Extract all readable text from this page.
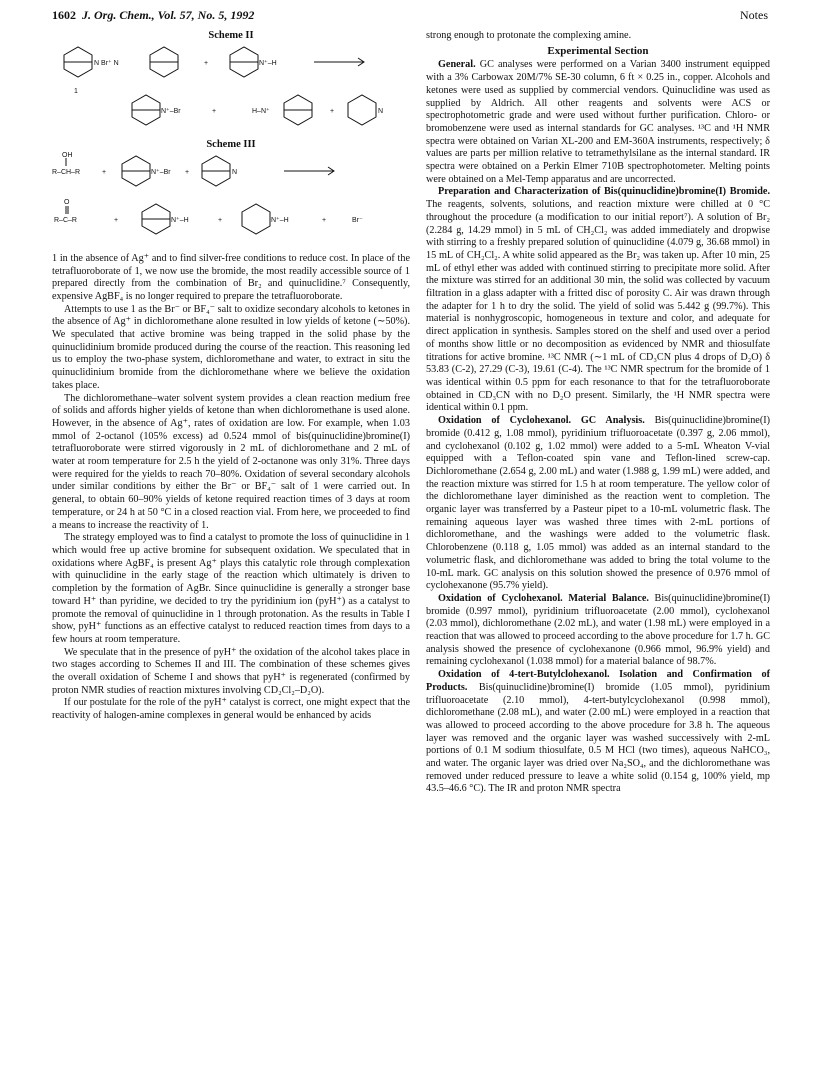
1602 J. Org. Chem., Vol. 57, No. 5, 1992	Notes
Scheme II
N Br⁺ N
1
+	N⁺–H
N⁺–Br	+	H–N⁺	+	N
Scheme III
OH
R–CH–R	+	N⁺–Br +	N
O
R–C–R	+	N⁺–H	+	N⁺–H	+	Br⁻

1 in the absence of Ag⁺ and to find silver-free conditions to reduce cost. In place of the tetrafluoroborate of 1, we now use the bromide, the most readily accessible source of 1 prepared directly from the combination of Br₂ and quinuclidine.⁷ Consequently, expensive AgBF₄ is no longer required to prepare the tetrafluoroborate.

Attempts to use 1 as the Br⁻ or BF₄⁻ salt to oxidize secondary alcohols to ketones in the absence of Ag⁺ in dichloromethane alone resulted in low yields of ketone (∼50%). We speculated that active bromine was being trapped in the solid phase by the quinuclidinium bromide produced during the course of the reaction. This reasoning led us to employ the two-phase system, dichloromethane and water, to extract in situ the quinuclidinium bromide from the dichloromethane where we believe the oxidation takes place.

The dichloromethane–water solvent system provides a clean reaction medium free of solids and affords higher yields of ketone than when dichloromethane is used alone. However, in the absence of Ag⁺, rates of oxidation are low. For example, when 1.03 mmol of 2-octanol (105% excess) ad 0.524 mmol of bis(quinuclidine)bromine(I) tetrafluoroborate were stirred vigorously in 2 mL of dichloromethane and 2 mL of water at room temperature for 2.5 h the yield of 2-octanone was only 31%. Three days were required for the yields to reach 70–80%. Oxidation of several secondary alcohols under similar conditions by either the Br⁻ or BF₄⁻ salt of 1 were carried out. In general, to obtain 60–90% yields of ketone required reaction times of 3 days at room temperature, or 24 h at 50 °C in a closed reaction vial. From here, we proceeded to find a means to increase the reactivity of 1.

The strategy employed was to find a catalyst to promote the loss of quinuclidine in 1 which would free up active bromine for subsequent oxidation. We speculated that in oxidations where AgBF₄ is present Ag⁺ plays this catalytic role through complexation with quinuclidine in the early stage of the reaction which ultimately is driven to completion by the formation of AgBr. Since quinuclidine is generally a stronger base toward H⁺ than pyridine, we decided to try the pyridinium ion (pyH⁺) as a catalyst to promote the removal of quinuclidine in 1 through protonation. As the results in Table I show, pyH⁺ functions as an effective catalyst to reduced reaction times from days to a few hours at room temperature.

We speculate that in the presence of pyH⁺ the oxidation of the alcohol takes place in two stages according to Schemes II and III. The combination of these schemes gives the overall oxidation of Scheme I and shows that pyH⁺ is regenerated (confirmed by proton NMR studies of reaction mixtures involving CD₂Cl₂–D₂O).

If our postulate for the role of the pyH⁺ catalyst is correct, one might expect that the reactivity of halogen-amine complexes in general would be enhanced by acids

strong enough to protonate the complexing amine.

Experimental Section

General. GC analyses were performed on a Varian 3400 instrument equipped with a 3% Carbowax 20M/7% SE-30 column, 6 ft × 0.25 in., copper. Alcohols and ketones were used as supplied by commercial vendors. Quinuclidine was used as supplied by Aldrich. All other reagents and solvents were ACS or spectrophotometric grade and were used without further purification. Chloro- or bromobenzene were used as internal standards for GC analyses. ¹³C and ¹H NMR spectra were obtained on Varian XL-200 and EM-360A instruments, respectively; δ values are parts per million relative to tetramethylsilane as the internal standard. IR spectra were obtained on a Perkin Elmer 710B spectrophotometer. Melting points were obtained on a Mel-Temp apparatus and are uncorrected.

Preparation and Characterization of Bis(quinuclidine)bromine(I) Bromide. The reagents, solvents, solutions, and reaction mixture were chilled at 0 °C throughout the procedure (a modification to our initial report⁷). A solution of Br₂ (2.284 g, 14.29 mmol) in 5 mL of CH₂Cl₂ was added immediately and dropwise with stirring to a freshly prepared solution of quinuclidine (4.079 g, 36.68 mmol) in 15 mL of CH₂Cl₂. A white solid appeared as the Br₂ was taken up. After 10 min, 25 mL of ethyl ether was added with continued stirring to precipitate more solid. After the mixture was stirred for an additional 30 min, the solid was collected by vacuum filtration in a glass adapter with a fritted disc of porosity C. Air was drawn through the adapter for 1 h to dry the solid. The yield of solid was 5.442 g (99.7%). This material is nonhygroscopic, homogeneous in texture and color, and adequate for direct application in synthesis. Samples stored on the shelf and used over a period of months show little or no decomposition as evidenced by NMR and thiosulfate titrations for active bromine. ¹³C NMR (∼1 mL of CD₃CN plus 4 drops of D₂O) δ 53.83 (C-2), 27.29 (C-3), 19.61 (C-4). The ¹³C NMR spectrum for the bromide of 1 was identical within 0.5 ppm for each resonance to that for the tetrafluoroborate obtained in CD₃CN with no D₂O present. Similarly, the ¹H NMR spectra were identical within 0.1 ppm.

Oxidation of Cyclohexanol. GC Analysis. Bis(quinuclidine)bromine(I) bromide (0.412 g, 1.08 mmol), pyridinium trifluoroacetate (0.397 g, 2.06 mmol), and cyclohexanol (0.102 g, 1.02 mmol) were added to a 5-mL Wheaton V-vial equipped with a Teflon-coated spin vane and Teflon-lined screw-cap. Dichloromethane (2.654 g, 2.00 mL) and water (1.988 g, 1.99 mL) were added, and the reaction mixture was stirred for 1.5 h at room temperature. The yellow color of the dichloromethane layer diminished as the reaction went to completion. The organic layer was transferred by a Pasteur pipet to a 10-mL volumetric flask. The remaining aqueous layer was washed three times with 2-mL portions of dichloromethane, and the washings were added to the volumetric flask. Chlorobenzene (0.118 g, 1.05 mmol) was added as an internal standard to the volumetric flask, and dichloromethane was added to bring the total volume to the 10-mL mark. GC analysis on this solution showed the presence of 0.976 mmol of cyclohexanone (95.7% yield).

Oxidation of Cyclohexanol. Material Balance. Bis(quinuclidine)bromine(I) bromide (0.997 mmol), pyridinium trifluoroacetate (2.00 mmol), cyclohexanol (2.03 mmol), dichloromethane (2.02 mL), and water (1.98 mL) were employed in a reaction that was allowed to proceed according to the above procedure for 1.7 h. GC analysis showed the presence of cyclohexanone (0.966 mmol, 96.9% yield) and remaining cyclohexanol (1.038 mmol) for a material balance of 98.7%.

Oxidation of 4-tert-Butylclohexanol. Isolation and Confirmation of Products. Bis(quinuclidine)bromine(I) bromide (1.05 mmol), pyridinium trifluoroacetate (2.10 mmol), 4-tert-butylcyclohexanol (0.998 mmol), dichloromethane (2.08 mL), and water (2.00 mL) were employed in a reaction that was allowed to proceed according to the above procedure for 3.8 h. The aqueous layer was removed and the organic layer was washed successively with 2-mL portions of 0.1 M sodium thiosulfate, 0.5 M HCl (two times), aqueous NaHCO₃, and water. The organic layer was dried over Na₂SO₄, and the dichloromethane was removed under reduced pressure to leave a white solid (0.154 g, 100% yield, mp 43.5–46.6 °C). The IR and proton NMR spectra
